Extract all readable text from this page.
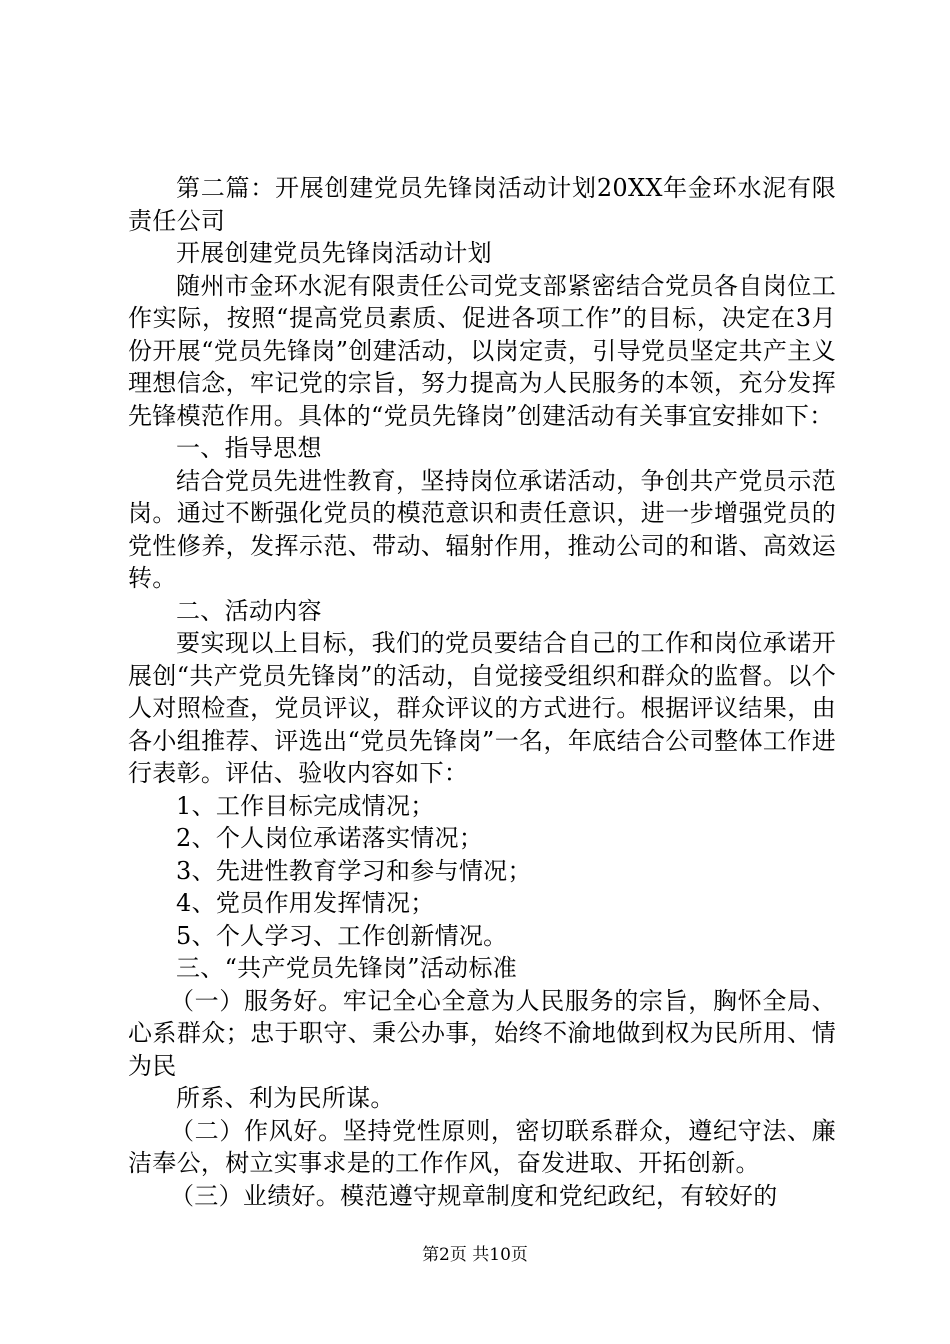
第二篇：开展创建党员先锋岗活动计划20XX年金环水泥有限责任公司

开展创建党员先锋岗活动计划

随州市金环水泥有限责任公司党支部紧密结合党员各自岗位工作实际，按照“提高党员素质、促进各项工作”的目标，决定在3月份开展“党员先锋岗”创建活动，以岗定责，引导党员坚定共产主义理想信念，牢记党的宗旨，努力提高为人民服务的本领，充分发挥先锋模范作用。具体的“党员先锋岗”创建活动有关事宜安排如下：

一、指导思想

结合党员先进性教育，坚持岗位承诺活动，争创共产党员示范岗。通过不断强化党员的模范意识和责任意识，进一步增强党员的党性修养，发挥示范、带动、辐射作用，推动公司的和谐、高效运转。

二、活动内容

要实现以上目标，我们的党员要结合自己的工作和岗位承诺开展创“共产党员先锋岗”的活动，自觉接受组织和群众的监督。以个人对照检查，党员评议，群众评议的方式进行。根据评议结果，由各小组推荐、评选出“党员先锋岗”一名，年底结合公司整体工作进行表彰。评估、验收内容如下：

1、工作目标完成情况；

2、个人岗位承诺落实情况；

3、先进性教育学习和参与情况；

4、党员作用发挥情况；

5、个人学习、工作创新情况。

三、“共产党员先锋岗”活动标准

（一）服务好。牢记全心全意为人民服务的宗旨，胸怀全局、心系群众；忠于职守、秉公办事，始终不渝地做到权为民所用、情为民

所系、利为民所谋。

（二）作风好。坚持党性原则，密切联系群众，遵纪守法、廉洁奉公，树立实事求是的工作作风，奋发进取、开拓创新。

（三）业绩好。模范遵守规章制度和党纪政纪，有较好的

第2页 共10页
